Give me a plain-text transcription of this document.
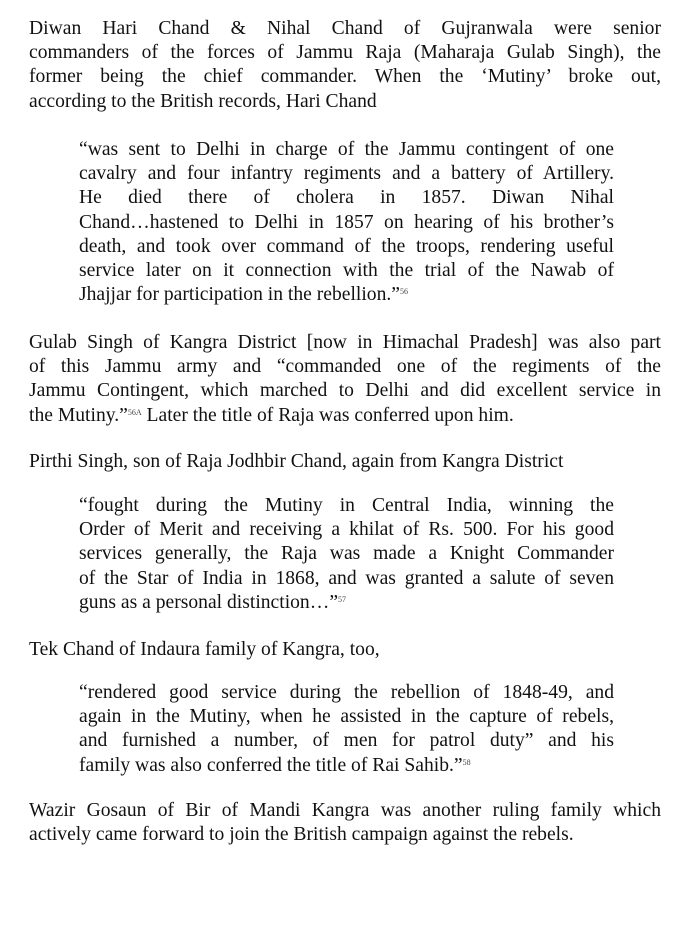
Diwan Hari Chand & Nihal Chand of Gujranwala were senior
commanders of the forces of Jammu Raja (Maharaja Gulab Singh), the
former being the chief commander. When the ‘Mutiny’ broke out,
according to the British records, Hari Chand
“was sent to Delhi in charge of the Jammu contingent of one
cavalry and four infantry regiments and a battery of Artillery.
He died there of cholera in 1857. Diwan Nihal
Chand…hastened to Delhi in 1857 on hearing of his brother’s
death, and took over command of the troops, rendering useful
service later on it connection with the trial of the Nawab of
Jhajjar for participation in the rebellion.”$^{56}$
Gulab Singh of Kangra District [now in Himachal Pradesh] was also part
of this Jammu army and “commanded one of the regiments of the
Jammu Contingent, which marched to Delhi and did excellent service in
the Mutiny.”$^{56A}$ Later the title of Raja was conferred upon him.
Pirthi Singh, son of Raja Jodhbir Chand, again from Kangra District
“fought during the Mutiny in Central India, winning the
Order of Merit and receiving a khilat of Rs. 500. For his good
services generally, the Raja was made a Knight Commander
of the Star of India in 1868, and was granted a salute of seven
guns as a personal distinction…”$^{57}$
Tek Chand of Indaura family of Kangra, too,
“rendered good service during the rebellion of 1848-49, and
again in the Mutiny, when he assisted in the capture of rebels,
and furnished a number, of men for patrol duty” and his
family was also conferred the title of Rai Sahib.”$^{58}$
Wazir Gosaun of Bir of Mandi Kangra was another ruling family which
actively came forward to join the British campaign against the rebels.
